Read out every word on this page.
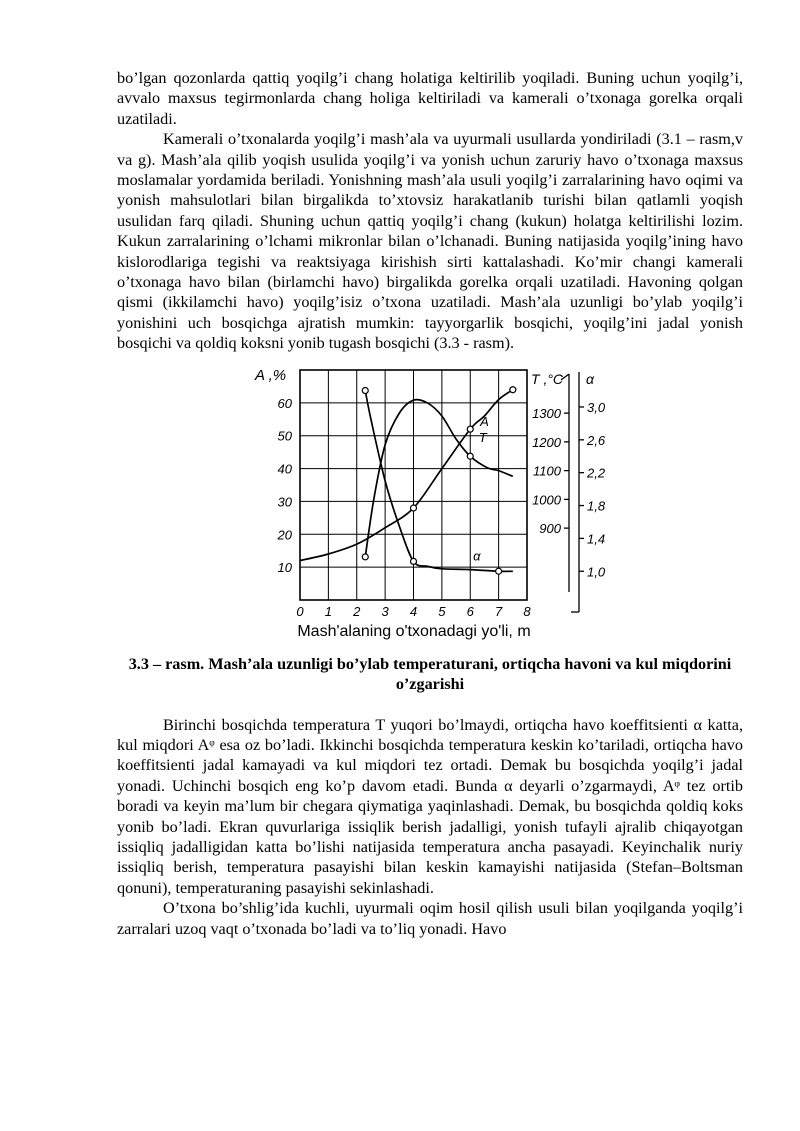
bo’lgan qozonlarda qattiq yoqilg’i chang holatiga keltirilib yoqiladi. Buning uchun yoqilg’i, avvalo maxsus tegirmonlarda chang holiga keltiriladi va kamerali o’txonaga gorelka orqali uzatiladi.

Kamerali o’txonalarda yoqilg’i mash’ala va uyurmali usullarda yondiriladi (3.1 – rasm,v va g). Mash’ala qilib yoqish usulida yoqilg’i va yonish uchun zaruriy havo o’txonaga maxsus moslamalar yordamida beriladi. Yonishning mash’ala usuli yoqilg’i zarralarining havo oqimi va yonish mahsulotlari bilan birgalikda to’xtovsiz harakatlanib turishi bilan qatlamli yoqish usulidan farq qiladi. Shuning uchun qattiq yoqilg’i chang (kukun) holatga keltirilishi lozim. Kukun zarralarining o’lchami mikronlar bilan o’lchanadi. Buning natijasida yoqilg’ining havo kislorodlariga tegishi va reaktsiyaga kirishish sirti kattalashadi. Ko’mir changi kamerali o’txonaga havo bilan (birlamchi havo) birgalikda gorelka orqali uzatiladi. Havoning qolgan qismi (ikkilamchi havo) yoqilg’isiz o’txona uzatiladi. Mash’ala uzunligi bo’ylab yoqilg’i yonishini uch bosqichga ajratish mumkin: tayyorgarlik bosqichi, yoqilg’ini jadal yonish bosqichi va qoldiq koksni yonib tugash bosqichi (3.3 - rasm).

A ,%
10
20
30
40
50
60
0 1 2 3 4 5 6 7 8
Mash'alaning o'txonadagi yo'li, m
T ,°C
900
1000
1100
1200
1300
α
1,0
1,4
1,8
2,2
2,6
3,0
A
T
α
3.3 – rasm. Mash’ala uzunligi bo’ylab temperaturani, ortiqcha havoni va kul miqdorini o’zgarishi

Birinchi bosqichda temperatura T yuqori bo’lmaydi, ortiqcha havo koeffitsienti α katta, kul miqdori Aᵠ esa oz bo’ladi. Ikkinchi bosqichda temperatura keskin ko’tariladi, ortiqcha havo koeffitsienti jadal kamayadi va kul miqdori tez ortadi. Demak bu bosqichda yoqilg’i jadal yonadi. Uchinchi bosqich eng ko’p davom etadi. Bunda α deyarli o’zgarmaydi, Aᵠ tez ortib boradi va keyin ma’lum bir chegara qiymatiga yaqinlashadi. Demak, bu bosqichda qoldiq koks yonib bo’ladi. Ekran quvurlariga issiqlik berish jadalligi, yonish tufayli ajralib chiqayotgan issiqliq jadalligidan katta bo’lishi natijasida temperatura ancha pasayadi. Keyinchalik nuriy issiqliq berish, temperatura pasayishi bilan keskin kamayishi natijasida (Stefan–Boltsman qonuni), temperaturaning pasayishi sekinlashadi.

O’txona bo’shlig’ida kuchli, uyurmali oqim hosil qilish usuli bilan yoqilganda yoqilg’i zarralari uzoq vaqt o’txonada bo’ladi va to’liq yonadi. Havo
